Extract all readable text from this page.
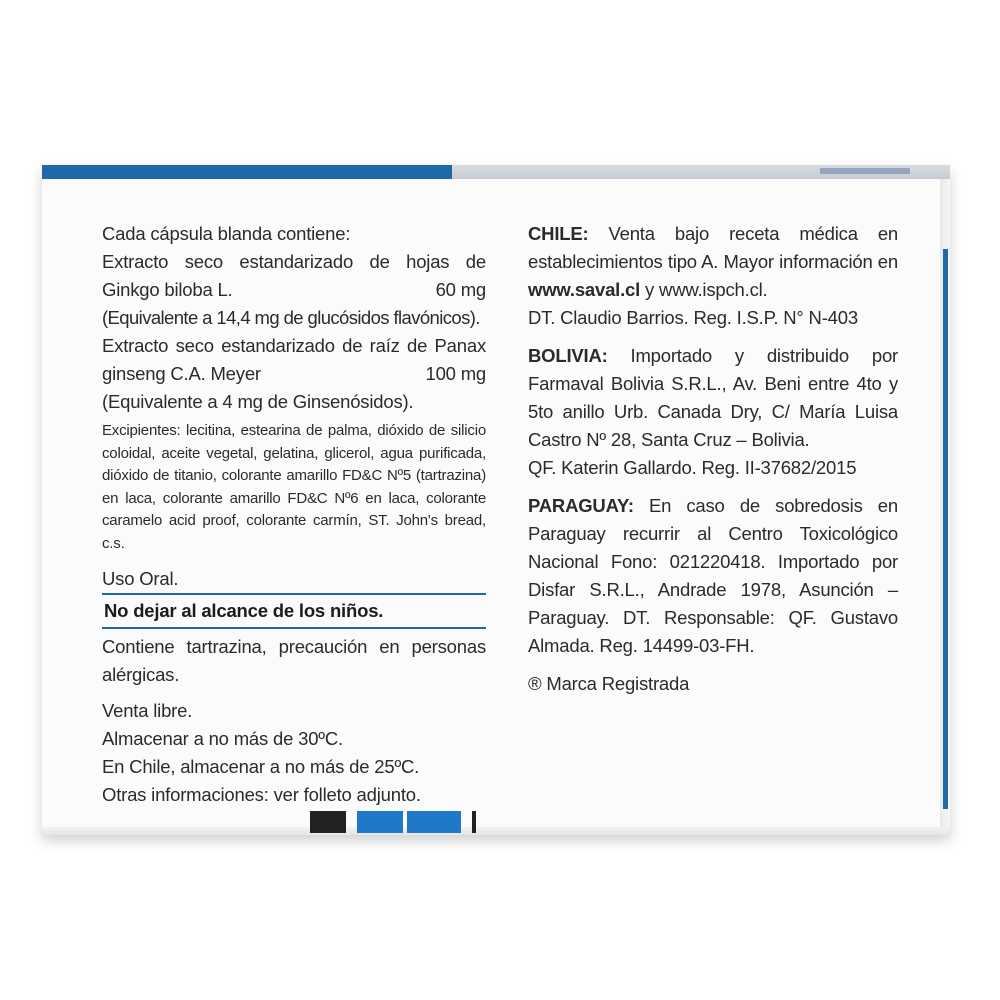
Cada cápsula blanda contiene:
Extracto seco estandarizado de hojas de
Ginkgo biloba L.	60 mg
(Equivalente a 14,4 mg de glucósidos flavónicos).
Extracto seco estandarizado de raíz de Panax
ginseng C.A. Meyer	100 mg
(Equivalente a 4 mg de Ginsenósidos).
Excipientes: lecitina, estearina de palma, dióxido de silicio coloidal, aceite vegetal, gelatina, glicerol, agua purificada, dióxido de titanio, colorante amarillo FD&C Nº5 (tartrazina) en laca, colorante amarillo FD&C Nº6 en laca, colorante caramelo acid proof, colorante carmín, ST. John's bread, c.s.
Uso Oral.
No dejar al alcance de los niños.
Contiene tartrazina, precaución en personas alérgicas.
Venta libre.
Almacenar a no más de 30ºC.
En Chile, almacenar a no más de 25ºC.
Otras informaciones: ver folleto adjunto.
CHILE: Venta bajo receta médica en establecimientos tipo A. Mayor información en www.saval.cl y www.ispch.cl.
DT. Claudio Barrios. Reg. I.S.P. N° N-403
BOLIVIA: Importado y distribuido por Farmaval Bolivia S.R.L., Av. Beni entre 4to y 5to anillo Urb. Canada Dry, C/ María Luisa Castro Nº 28, Santa Cruz – Bolivia.
QF. Katerin Gallardo. Reg. II-37682/2015
PARAGUAY: En caso de sobredosis en Paraguay recurrir al Centro Toxicológico Nacional Fono: 021220418. Importado por Disfar S.R.L., Andrade 1978, Asunción – Paraguay. DT. Responsable: QF. Gustavo Almada. Reg. 14499-03-FH.
® Marca Registrada
